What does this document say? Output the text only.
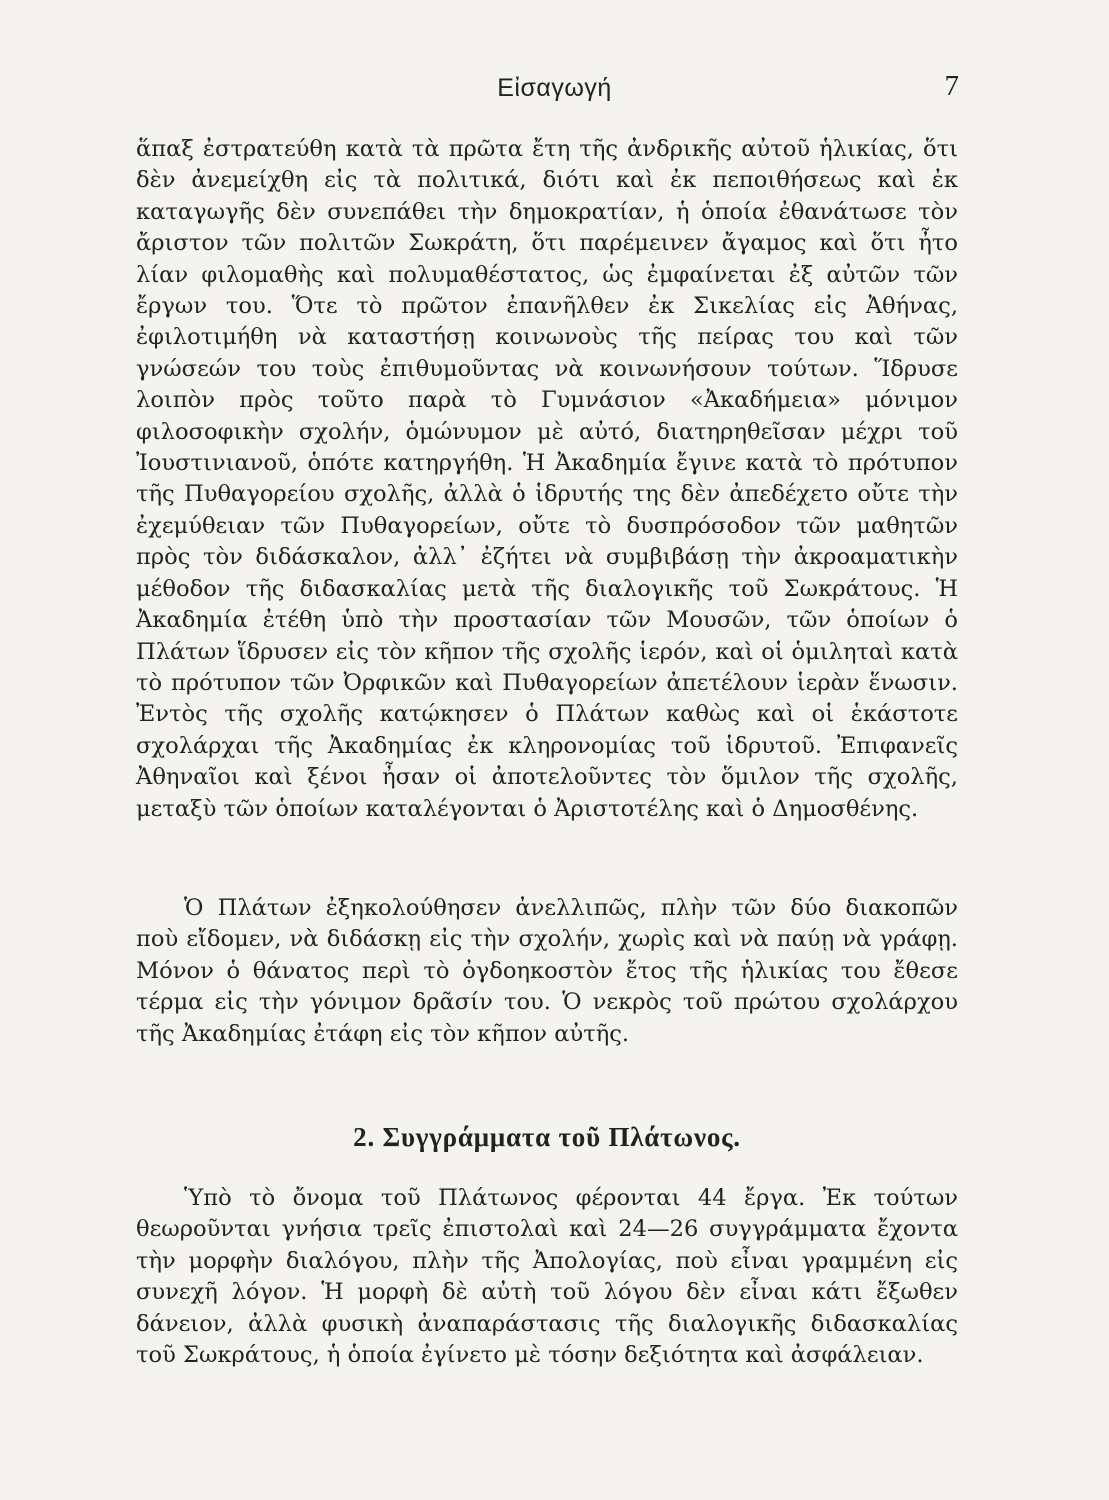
Εἰσαγωγή	7

ἅπαξ ἐστρατεύθη κατὰ τὰ πρῶτα ἔτη τῆς ἀνδρικῆς αὐτοῦ ἡλικίας, ὅτι δὲν ἀνεμείχθη εἰς τὰ πολιτικά, διότι καὶ ἐκ πεποιθήσεως καὶ ἐκ καταγωγῆς δὲν συνεπάθει τὴν δημοκρατίαν, ἡ ὁποία ἐθανάτωσε τὸν ἄριστον τῶν πολιτῶν Σωκράτη, ὅτι παρέμεινεν ἄγαμος καὶ ὅτι ἦτο λίαν φιλομαθὴς καὶ πολυμαθέστατος, ὡς ἐμφαίνεται ἐξ αὐτῶν τῶν ἔργων του. Ὅτε τὸ πρῶτον ἐπανῆλθεν ἐκ Σικελίας εἰς Ἀθήνας, ἐφιλοτιμήθη νὰ καταστήσῃ κοινωνοὺς τῆς πείρας του καὶ τῶν γνώσεών του τοὺς ἐπιθυμοῦντας νὰ κοινωνήσουν τούτων. Ἵδρυσε λοιπὸν πρὸς τοῦτο παρὰ τὸ Γυμνάσιον «Ἀκαδήμεια» μόνιμον φιλοσοφικὴν σχολήν, ὁμώνυμον μὲ αὐτό, διατηρηθεῖσαν μέχρι τοῦ Ἰουστινιανοῦ, ὁπότε κατηργήθη. Ἡ Ἀκαδημία ἔγινε κατὰ τὸ πρότυπον τῆς Πυθαγορείου σχολῆς, ἀλλὰ ὁ ἱδρυτής της δὲν ἀπεδέχετο οὔτε τὴν ἐχεμύθειαν τῶν Πυθαγορείων, οὔτε τὸ δυσπρόσοδον τῶν μαθητῶν πρὸς τὸν διδάσκαλον, ἀλλ᾽ ἐζήτει νὰ συμβιβάσῃ τὴν ἀκροαματικὴν μέθοδον τῆς διδασκαλίας μετὰ τῆς διαλογικῆς τοῦ Σωκράτους. Ἡ Ἀκαδημία ἐτέθη ὑπὸ τὴν προστασίαν τῶν Μουσῶν, τῶν ὁποίων ὁ Πλάτων ἵδρυσεν εἰς τὸν κῆπον τῆς σχολῆς ἱερόν, καὶ οἱ ὁμιληταὶ κατὰ τὸ πρότυπον τῶν Ὀρφικῶν καὶ Πυθαγορείων ἀπετέλουν ἱερὰν ἕνωσιν. Ἐντὸς τῆς σχολῆς κατῴκησεν ὁ Πλάτων καθὼς καὶ οἱ ἑκάστοτε σχολάρχαι τῆς Ἀκαδημίας ἐκ κληρονομίας τοῦ ἱδρυτοῦ. Ἐπιφανεῖς Ἀθηναῖοι καὶ ξένοι ἦσαν οἱ ἀποτελοῦντες τὸν ὅμιλον τῆς σχολῆς, μεταξὺ τῶν ὁποίων καταλέγονται ὁ Ἀριστοτέλης καὶ ὁ Δημοσθένης.

Ὁ Πλάτων ἐξηκολούθησεν ἀνελλιπῶς, πλὴν τῶν δύο διακοπῶν ποὺ εἴδομεν, νὰ διδάσκῃ εἰς τὴν σχολήν, χωρὶς καὶ νὰ παύῃ νὰ γράφῃ. Μόνον ὁ θάνατος περὶ τὸ ὀγδοηκοστὸν ἔτος τῆς ἡλικίας του ἔθεσε τέρμα εἰς τὴν γόνιμον δρᾶσίν του. Ὁ νεκρὸς τοῦ πρώτου σχολάρχου τῆς Ἀκαδημίας ἐτάφη εἰς τὸν κῆπον αὐτῆς.

2. Συγγράμματα τοῦ Πλάτωνος.

Ὑπὸ τὸ ὄνομα τοῦ Πλάτωνος φέρονται 44 ἔργα. Ἐκ τούτων θεωροῦνται γνήσια τρεῖς ἐπιστολαὶ καὶ 24—26 συγγράμματα ἔχοντα τὴν μορφὴν διαλόγου, πλὴν τῆς Ἀπολογίας, ποὺ εἶναι γραμμένη εἰς συνεχῆ λόγον. Ἡ μορφὴ δὲ αὐτὴ τοῦ λόγου δὲν εἶναι κάτι ἔξωθεν δάνειον, ἀλλὰ φυσικὴ ἀναπαράστασις τῆς διαλογικῆς διδασκαλίας τοῦ Σωκράτους, ἡ ὁποία ἐγίνετο μὲ τόσην δεξιότητα καὶ ἀσφάλειαν.
